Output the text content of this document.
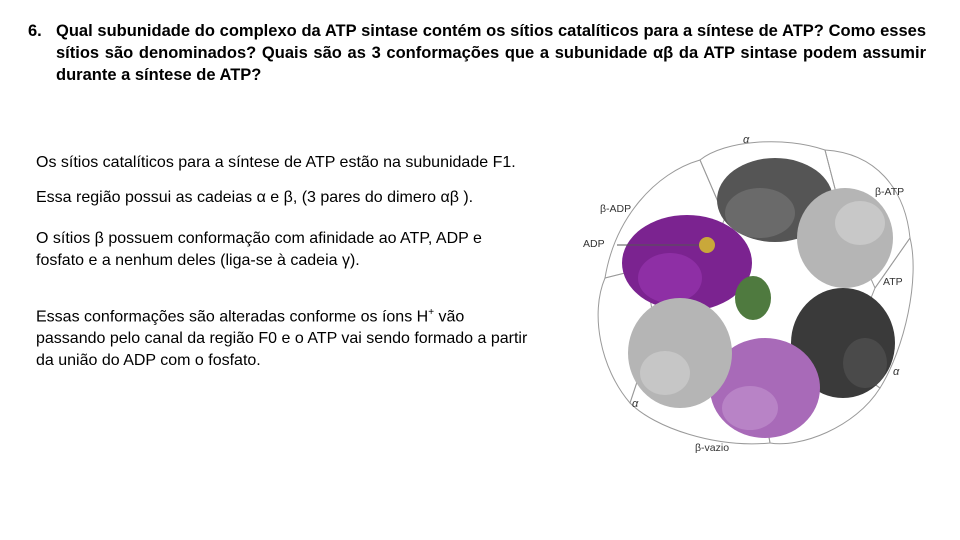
6. Qual subunidade do complexo da ATP sintase contém os sítios catalíticos para a síntese de ATP? Como esses sítios são denominados? Quais são as 3 conformações que a subunidade αβ da ATP sintase podem assumir durante a síntese de ATP?

Os sítios catalíticos para a síntese de ATP estão na subunidade F1.

Essa região possui as cadeias α e β, (3 pares do dimero αβ ).

O sítios β possuem conformação com afinidade ao ATP, ADP e fosfato e a nenhum deles (liga-se à cadeia γ).

Essas conformações são alteradas conforme os íons H+ vão passando pelo canal da região F0 e o ATP vai sendo formado a partir da união do ADP com o fosfato.

α
β-ATP
β-ADP
ADP
ATP
α
α
β-vazio
